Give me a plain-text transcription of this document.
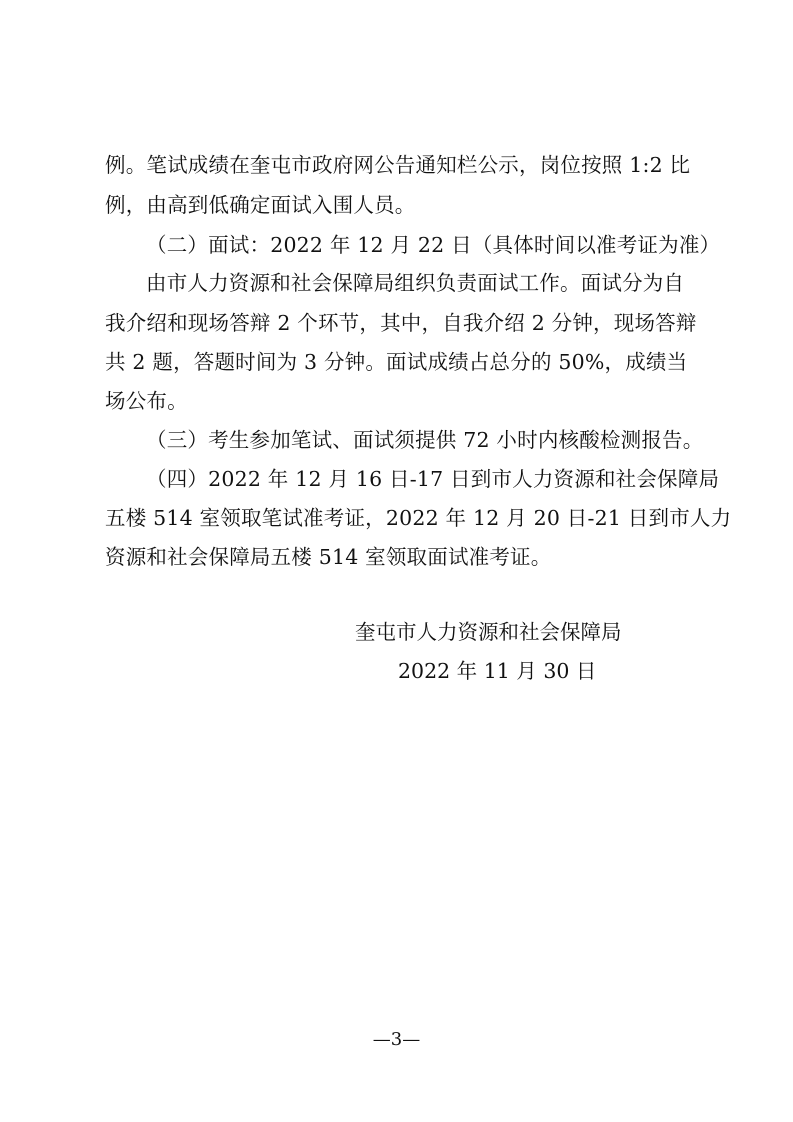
例。笔试成绩在奎屯市政府网公告通知栏公示，岗位按照 1:2 比
例，由高到低确定面试入围人员。
（二）面试：2022 年 12 月 22 日（具体时间以准考证为准）
由市人力资源和社会保障局组织负责面试工作。面试分为自
我介绍和现场答辩 2 个环节，其中，自我介绍 2 分钟，现场答辩
共 2 题，答题时间为 3 分钟。面试成绩占总分的 50%，成绩当
场公布。
（三）考生参加笔试、面试须提供 72 小时内核酸检测报告。
（四）2022 年 12 月 16 日-17 日到市人力资源和社会保障局
五楼 514 室领取笔试准考证，2022 年 12 月 20 日-21 日到市人力
资源和社会保障局五楼 514 室领取面试准考证。
奎屯市人力资源和社会保障局
2022 年 11 月 30 日
—3—
